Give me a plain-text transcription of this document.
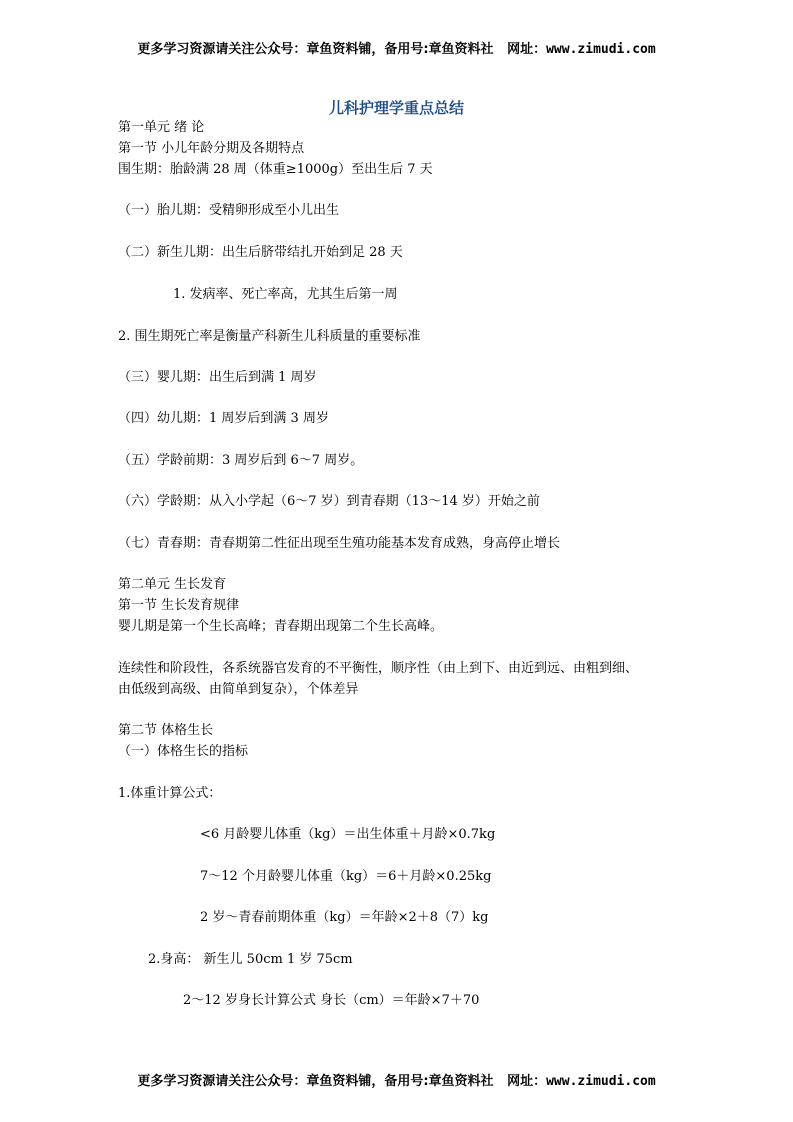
更多学习资源请关注公众号：章鱼资料铺，备用号:章鱼资料社 网址：www.zimudi.com
儿科护理学重点总结
第一单元 绪 论
第一节 小儿年龄分期及各期特点
围生期：胎龄满 28 周（体重≥1000g）至出生后 7 天
（一）胎儿期：受精卵形成至小儿出生
（二）新生儿期：出生后脐带结扎开始到足 28 天
1. 发病率、死亡率高，尤其生后第一周
2. 围生期死亡率是衡量产科新生儿科质量的重要标准
（三）婴儿期：出生后到满 1 周岁
（四）幼儿期：1 周岁后到满 3 周岁
（五）学龄前期：3 周岁后到 6～7 周岁。
（六）学龄期：从入小学起（6～7 岁）到青春期（13～14 岁）开始之前
（七）青春期：青春期第二性征出现至生殖功能基本发育成熟，身高停止增长
第二单元 生长发育
第一节 生长发育规律
婴儿期是第一个生长高峰；青春期出现第二个生长高峰。
连续性和阶段性，各系统器官发育的不平衡性，顺序性（由上到下、由近到远、由粗到细、
由低级到高级、由简单到复杂），个体差异
第二节 体格生长
（一）体格生长的指标
1.体重计算公式：
<6 月龄婴儿体重（kg）＝出生体重＋月龄×0.7kg
7～12 个月龄婴儿体重（kg）＝6＋月龄×0.25kg
2 岁～青春前期体重（kg）＝年龄×2＋8（7）kg
2.身高： 新生儿 50cm 1 岁 75cm
2～12 岁身长计算公式 身长（cm）＝年龄×7＋70
更多学习资源请关注公众号：章鱼资料铺，备用号:章鱼资料社 网址：www.zimudi.com
